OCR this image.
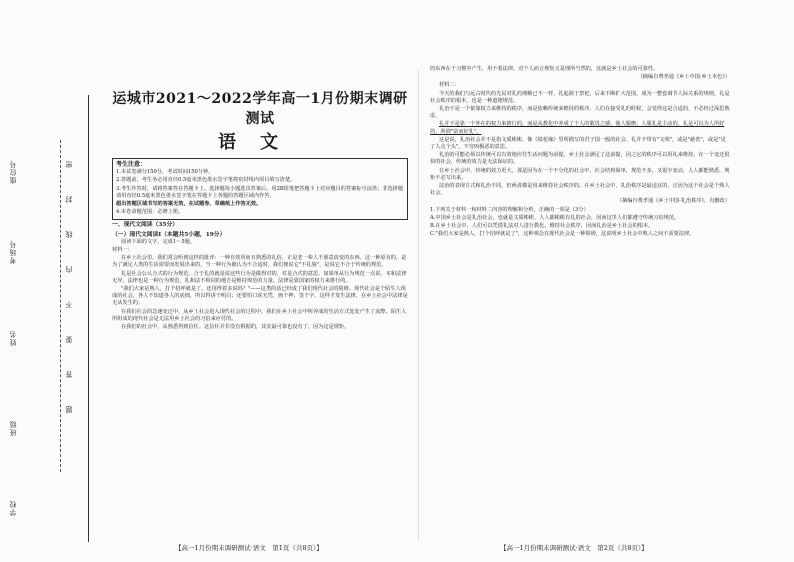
学校
班级
姓名
考场号
座位号	密
封
线
内
不
要
答
题
运城市2021～2022学年高一1月份期末调研测试
语文
考生注意：
1.本试卷满分150分，考试时间150分钟。
2.答题前，考生务必用直径0.5毫米黑色墨水签字笔将密封线内项目填写清楚。
3.考生作答时，请将答案答在答题卡上。选择题每小题选出答案后，用2B铅笔把答题卡上对应题目的答案标号涂黑；非选择题请用直径0.5毫米黑色墨水签字笔在答题卡上各题的答题区域内作答，
超出答题区域书写的答案无效，在试题卷、草稿纸上作答无效。
4.本卷命题范围：必修上册。
一、现代文阅读（35分）
（一）现代文阅读Ⅰ（本题共5小题，19分）

阅读下面的文字，完成1～5题。

材料一：

在乡土社会里，我们常会听到这样的批评：一种有效用而且熟悉的礼俗，正是老一辈人不愿意改变的东西。这一种原有的，是为了满足人类的生活需要而发展出来的，当一种行为被认为不合适时，我们便说它"不礼貌"，是说它不合于传统的规范。

礼是社会公认合式的行为规范。合于礼的就是说这些行为是做得对的，对是合式的意思。如果单从行为规范一点说，本和法律无异，法律也是一种行为规范。礼和法不相同的地方是维持规范的力量。法律是靠国家的权力来推行的。

"我们大家是熟人，打个招呼就是了，还用得着多说吗？"——这类的话已经成了我们现代社会的阻碍。现代社会是个陌生人组成的社会，各人不知道各人的底细，所以得讲个明白；还要怕口说无凭，画个押，签个字。这样才发生法律。在乡土社会中法律是无从发生的。

在我们社会的急速变迁中，从乡土社会进入现代社会的过程中，我们在乡土社会中所养成的生活方式处处产生了流弊。陌生人所组成的现代社会是无法用乡土社会的习俗来应付的。

在我们的社会中，从熟悉得到信任。这信任并非没有根据的，其实最可靠也没有了，因为这是规矩。

的东西在于习惯中产生，用不着法律。对个人而言规矩又是理所当然的，这就是乡土社会的可靠性。

（摘编自费孝通《乡土中国·乡土本色》）

材料二：

今天的我们与远古时代的先民对礼的理解已不一样。礼起源于祭祀，后来不断扩大范围，成为一整套调节人际关系的规则，礼是社会秩序的根本，也是一种道德规范。

礼治不是一个依靠权力来维持的秩序，而是依赖传统来维持的秩序。人们在接受礼的时候，会觉得这是合适的，不必经过深思熟虑。

礼并不是靠一个外在的权力来推行的，而是从教化中养成了个人的敬畏之感，使人服膺；人服礼是主动的。礼是可以为人所好的，所谓"富而好礼"。

这是说，礼治社会并不是指文质彬彬，像《镜花缘》里所描写的君子国一般的社会。礼并不带有"文明"，或是"慈善"，或是"见了人点个头"，不穷凶极恶的意思。

礼治的可能必须以传统可以有效地应付生活问题为前提。乡土社会满足了这前提，因之它的秩序可以用礼来维持。在一个变迁很快的社会，传统的效力是无法保证的。

在乡土社会中，传统的效力更大，那是因为在一个不分化的社会中，社会结构简单，规范不多，又很少变动，人人都能熟悉，规矩不必写出来。

法治的表现方式和礼治不同，但两者都是用来维持社会秩序的。在乡土社会中，礼治秩序是最适宜的，正因为这个社会是个熟人社会。

（摘编自费孝通《乡土中国·礼治秩序》，有删改）

1.下列关于材料一和材料二内容的理解和分析，正确的一项是（3分）
A.中国乡土社会是礼治社会，也就是文质彬彬、人人都彬彬有礼的社会，因而这里人们都遵守传统习俗规范。
B.在乡土社会中，人们可以凭借礼法对人进行教化，维持社会秩序，因而礼治是乡土社会的根本。
C."我们大家是熟人，打个招呼就是了"，这种观念在现代社会是一种阻碍，这说明乡土社会中熟人之间不需要法律。
【高一1月份期末调研测试·语文　第1页（共8页）】	【高一1月份期末调研测试·语文　第2页（共8页）】
